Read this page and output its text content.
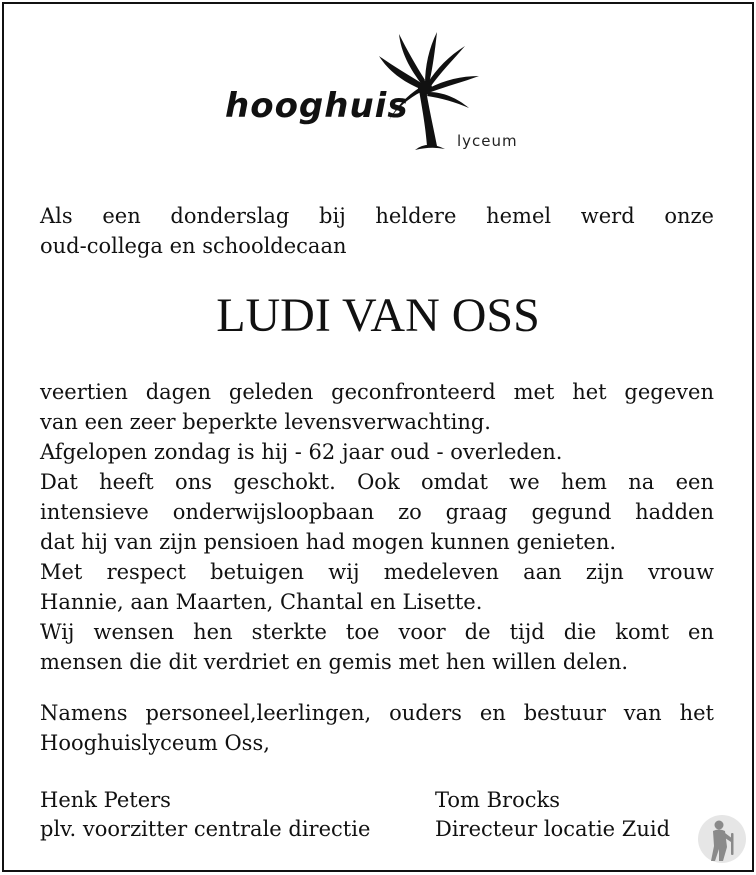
hooghuis
lyceum
Als een donderslag bij heldere hemel werd onze
oud-collega en schooldecaan
LUDI VAN OSS
veertien dagen geleden geconfronteerd met het gegeven
van een zeer beperkte levensverwachting.
Afgelopen zondag is hij - 62 jaar oud - overleden.
Dat heeft ons geschokt. Ook omdat we hem na een
intensieve onderwijsloopbaan zo graag gegund hadden
dat hij van zijn pensioen had mogen kunnen genieten.
Met respect betuigen wij medeleven aan zijn vrouw
Hannie, aan Maarten, Chantal en Lisette.
Wij wensen hen sterkte toe voor de tijd die komt en
mensen die dit verdriet en gemis met hen willen delen.
Namens personeel,leerlingen, ouders en bestuur van het
Hooghuislyceum Oss,
Henk Peters
plv. voorzitter centrale directie
Tom Brocks
Directeur locatie Zuid
